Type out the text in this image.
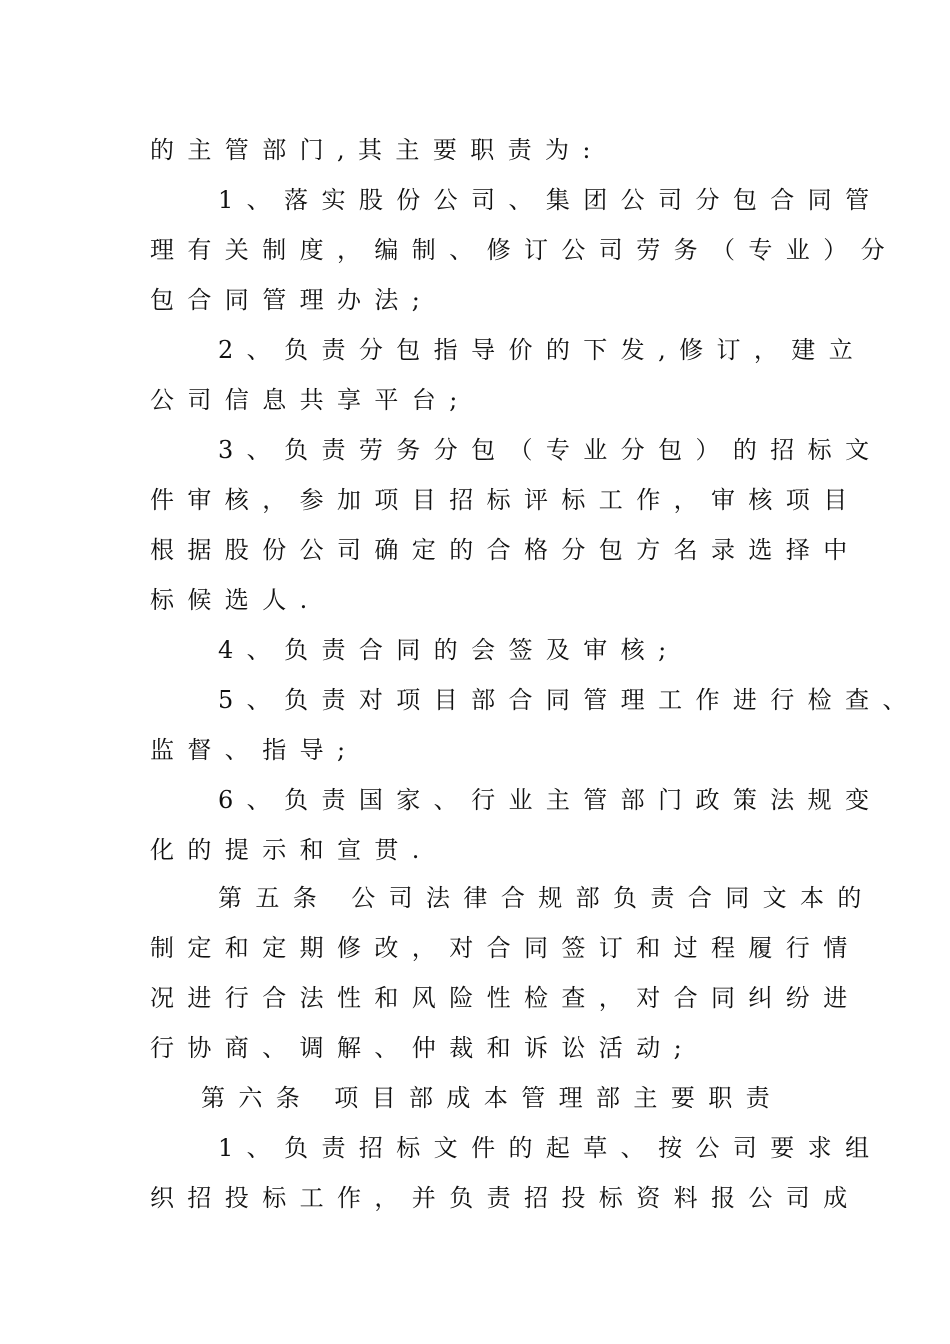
的主管部门,其主要职责为:
1、落实股份公司、集团公司分包合同管
理有关制度，编制、修订公司劳务（专业）分
包合同管理办法;
2、负责分包指导价的下发,修订，建立
公司信息共享平台;
3、负责劳务分包（专业分包）的招标文
件审核，参加项目招标评标工作，审核项目
根据股份公司确定的合格分包方名录选择中
标候选人.
4、负责合同的会签及审核;
5、负责对项目部合同管理工作进行检查、
监督、指导;
6、负责国家、行业主管部门政策法规变
化的提示和宣贯.
第五条 公司法律合规部负责合同文本的
制定和定期修改，对合同签订和过程履行情
况进行合法性和风险性检查，对合同纠纷进
行协商、调解、仲裁和诉讼活动;
第六条 项目部成本管理部主要职责
1、负责招标文件的起草、按公司要求组
织招投标工作，并负责招投标资料报公司成
